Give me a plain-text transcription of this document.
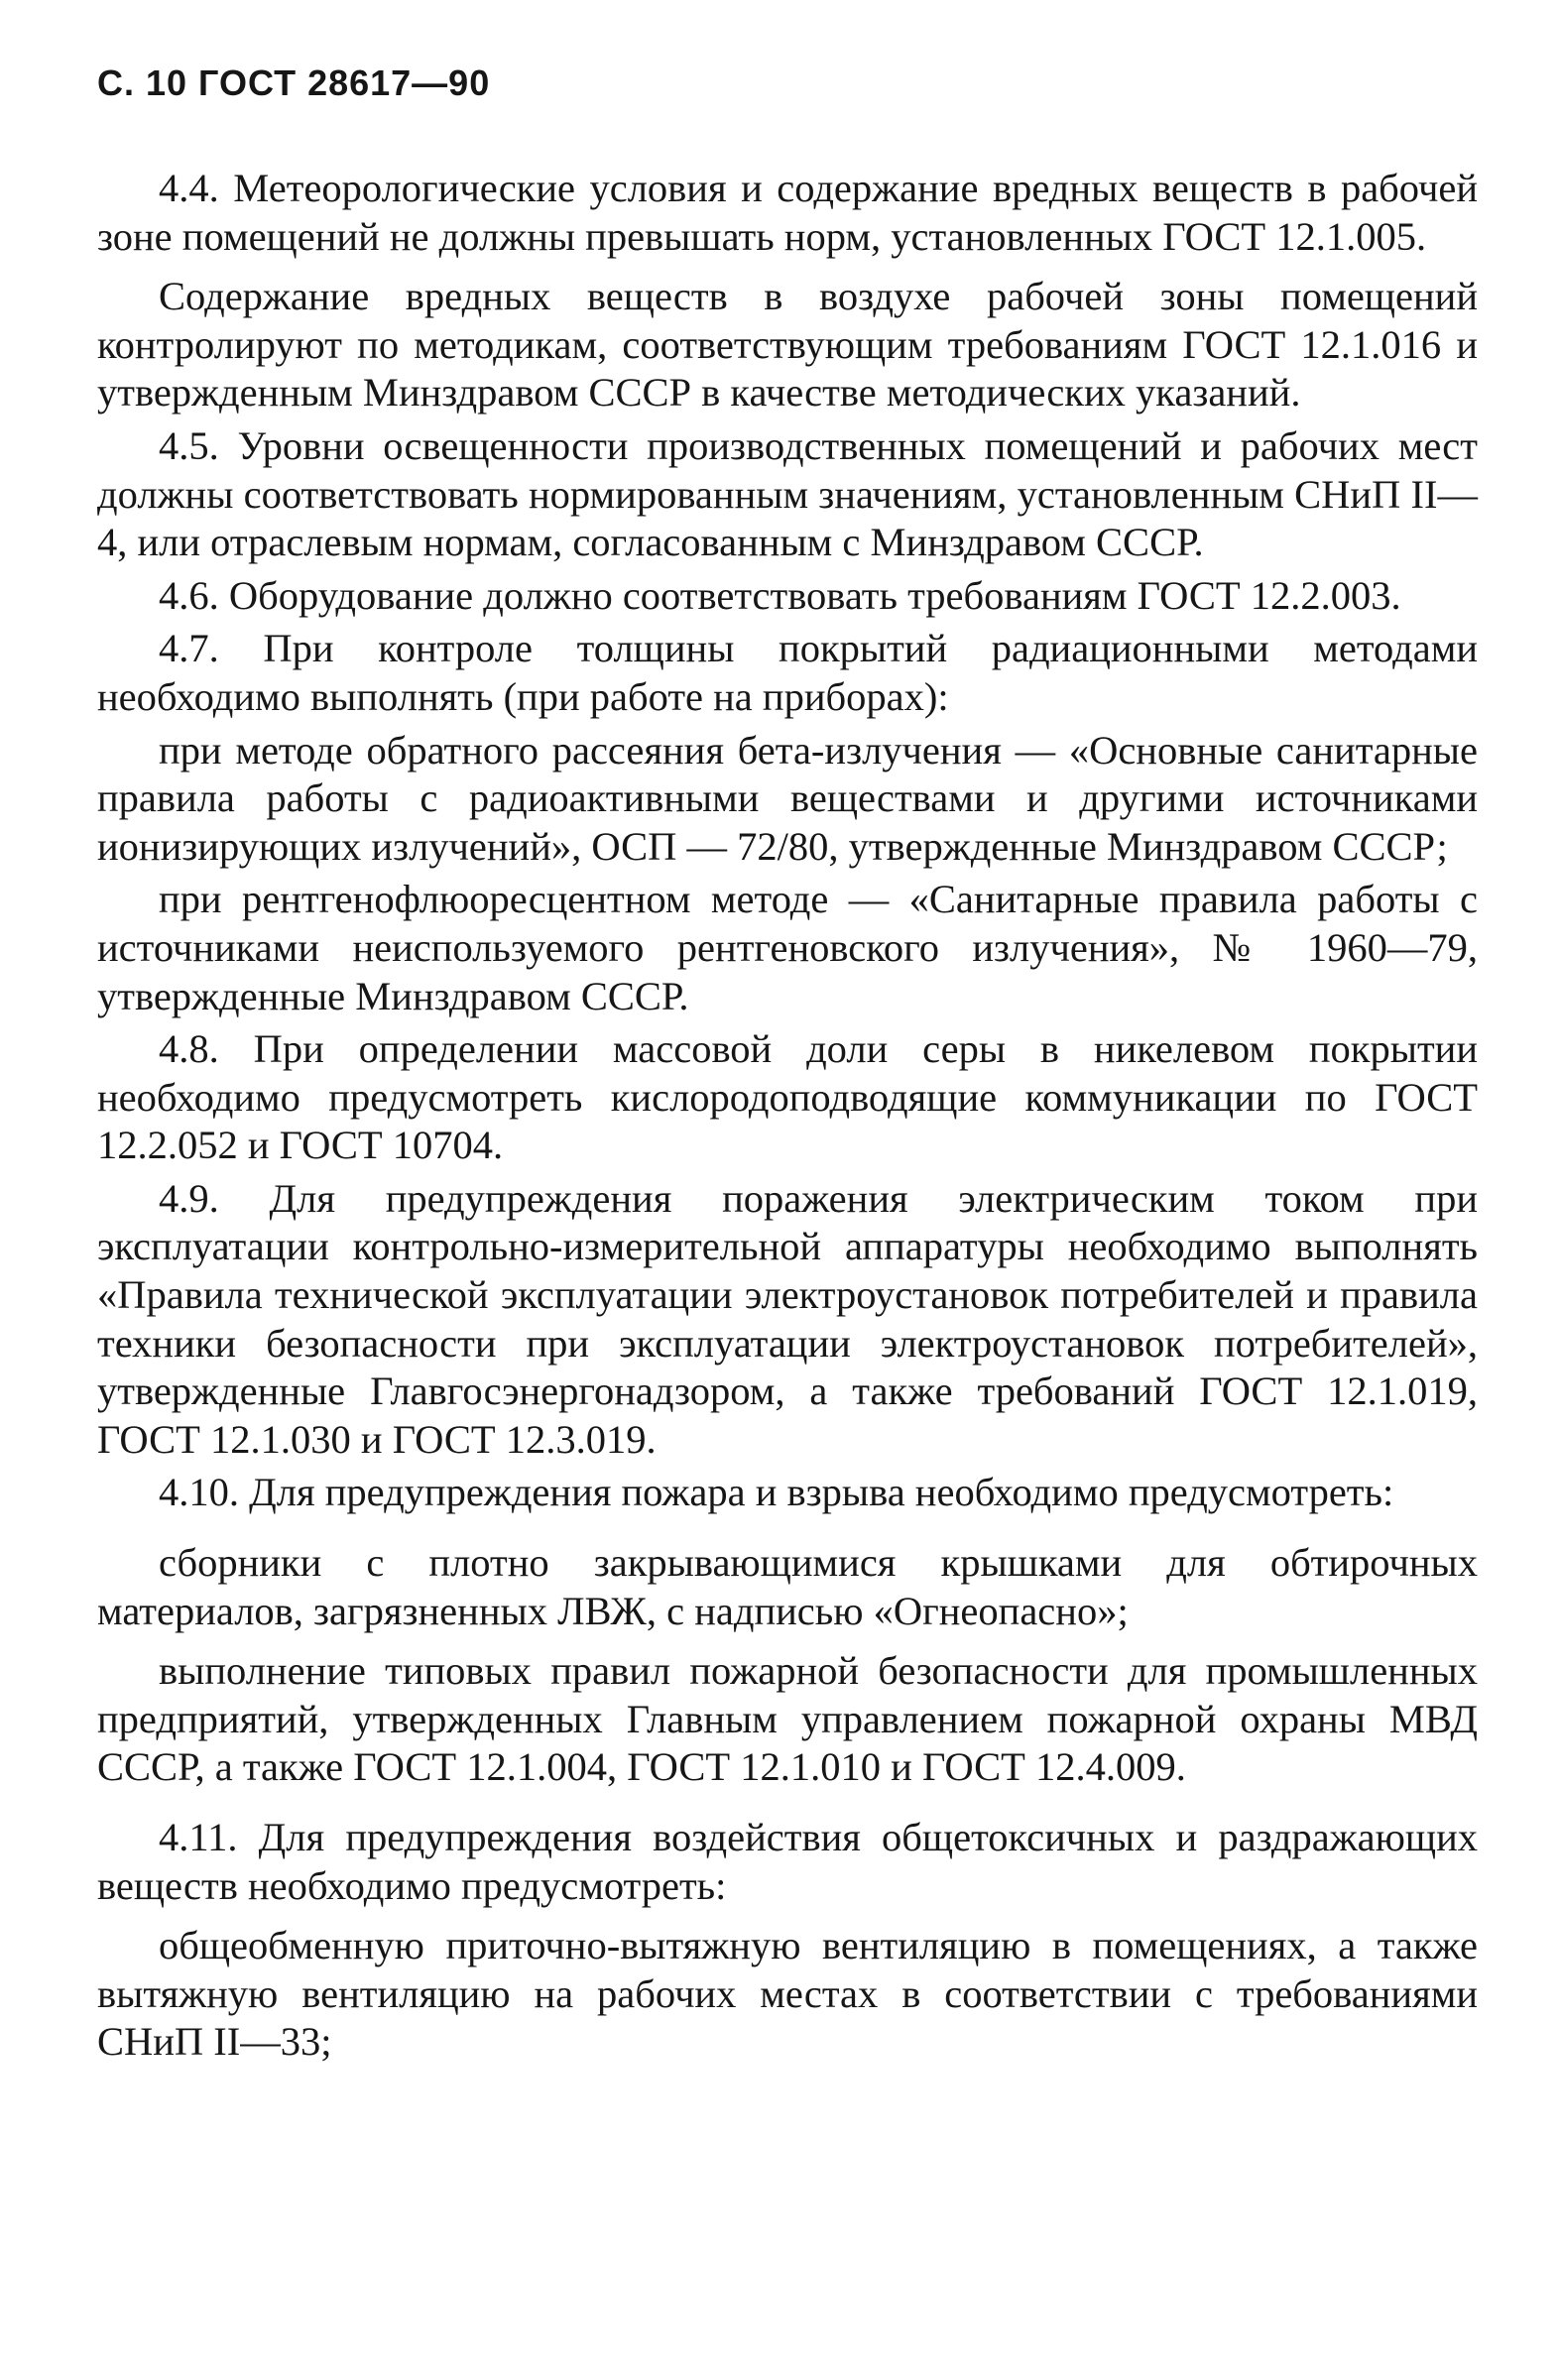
С. 10 ГОСТ 28617—90

4.4. Метеорологические условия и содержание вредных веществ в рабочей зоне помещений не должны превышать норм, установленных ГОСТ 12.1.005.

Содержание вредных веществ в воздухе рабочей зоны помещений контролируют по методикам, соответствующим требованиям ГОСТ 12.1.016 и утвержденным Минздравом СССР в качестве методических указаний.

4.5. Уровни освещенности производственных помещений и рабочих мест должны соответствовать нормированным значениям, установленным СНиП II—4, или отраслевым нормам, согласованным с Минздравом СССР.

4.6. Оборудование должно соответствовать требованиям ГОСТ 12.2.003.

4.7. При контроле толщины покрытий радиационными методами необходимо выполнять (при работе на приборах):

при методе обратного рассеяния бета-излучения — «Основные санитарные правила работы с радиоактивными веществами и другими источниками ионизирующих излучений», ОСП — 72/80, утвержденные Минздравом СССР;

при рентгенофлюоресцентном методе — «Санитарные правила работы с источниками неиспользуемого рентгеновского излучения», № 1960—79, утвержденные Минздравом СССР.

4.8. При определении массовой доли серы в никелевом покрытии необходимо предусмотреть кислородоподводящие коммуникации по ГОСТ 12.2.052 и ГОСТ 10704.

4.9. Для предупреждения поражения электрическим током при эксплуатации контрольно-измерительной аппаратуры необходимо выполнять «Правила технической эксплуатации электроустановок потребителей и правила техники безопасности при эксплуатации электроустановок потребителей», утвержденные Главгосэнергонадзором, а также требований ГОСТ 12.1.019, ГОСТ 12.1.030 и ГОСТ 12.3.019.

4.10. Для предупреждения пожара и взрыва необходимо предусмотреть:

сборники с плотно закрывающимися крышками для обтирочных материалов, загрязненных ЛВЖ, с надписью «Огнеопасно»;

выполнение типовых правил пожарной безопасности для промышленных предприятий, утвержденных Главным управлением пожарной охраны МВД СССР, а также ГОСТ 12.1.004, ГОСТ 12.1.010 и ГОСТ 12.4.009.

4.11. Для предупреждения воздействия общетоксичных и раздражающих веществ необходимо предусмотреть:

общеобменную приточно-вытяжную вентиляцию в помещениях, а также вытяжную вентиляцию на рабочих местах в соответствии с требованиями СНиП II—33;
